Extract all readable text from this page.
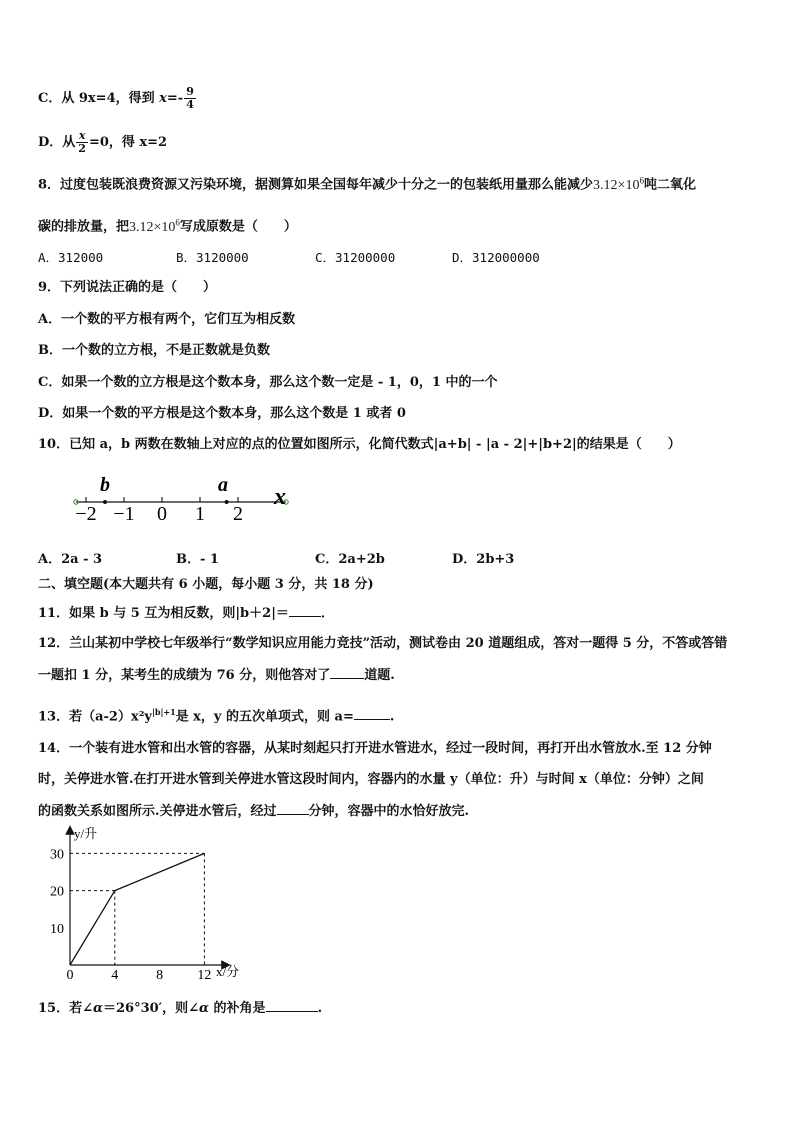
C．从 9x=4，得到 $x=- \frac{9}{4}$
D．从 $\frac{x}{2} =0$，得 x=2
8．过度包装既浪费资源又污染环境，据测算如果全国每年减少十分之一的包装纸用量那么能减少$3.12\times 10^6$吨二氧化
碳的排放量，把$3.12\times 10^6$写成原数是（　　）
A．312000	B．3120000	C．31200000	D．312000000
9．下列说法正确的是（　　）
A．一个数的平方根有两个，它们互为相反数
B．一个数的立方根，不是正数就是负数
C．如果一个数的立方根是这个数本身，那么这个数一定是 - 1，0，1 中的一个
D．如果一个数的平方根是这个数本身，那么这个数是 1 或者 0
10．已知 a，b 两数在数轴上对应的点的位置如图所示，化简代数式|a+b| - |a - 2|+|b+2|的结果是（　　）
−2 −1 0 1 2
x
b	a
A．2a - 3	B．- 1	C．2a+2b	D．2b+3
二、填空题(本大题共有 6 小题，每小题 3 分，共 18 分)
11．如果 b 与 5 互为相反数，则|b＋2|＝ ．
12．兰山某初中学校七年级举行“数学知识应用能力竞技”活动，测试卷由 20 道题组成，答对一题得 5 分，不答或答错
一题扣 1 分，某考生的成绩为 76 分，则他答对了	道题.
13．若$(a-2)x^2y^{|b|+1}$是 x，y 的五次单项式，则 a=	.
14．一个装有进水管和出水管的容器，从某时刻起只打开进水管进水，经过一段时间，再打开出水管放水.至 12 分钟
时，关停进水管.在打开进水管到关停进水管这段时间内，容器内的水量 y（单位：升）与时间 x（单位：分钟）之间
的函数关系如图所示.关停进水管后，经过 分钟，容器中的水恰好放完.
y/升
x/分
30
20
10
0	4	8 12
15．若∠α＝26°30′，则∠α 的补角是	.
